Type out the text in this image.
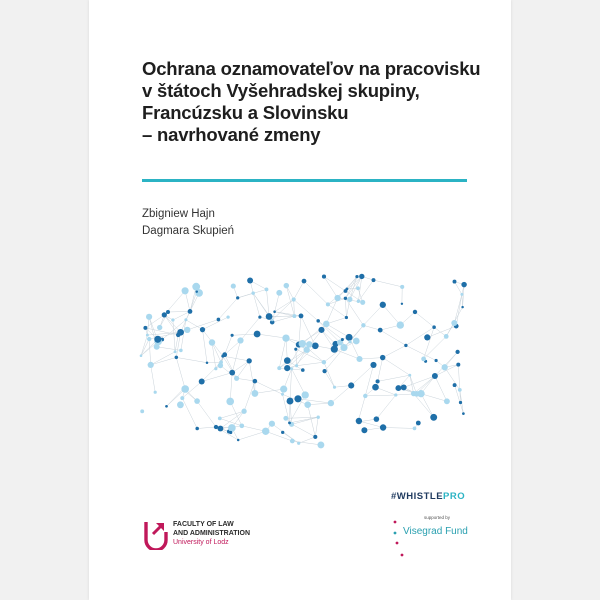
Ochrana oznamovateľov na pracovisku
v štátoch Vyšehradskej skupiny,
Francúzsku a Slovinsku
– navrhované zmeny
Zbigniew Hajn
Dagmara Skupień
#WHISTLEPRO
supported by
Visegrad Fund
FACULTY OF LAW
AND ADMINISTRATION
University of Lodz
